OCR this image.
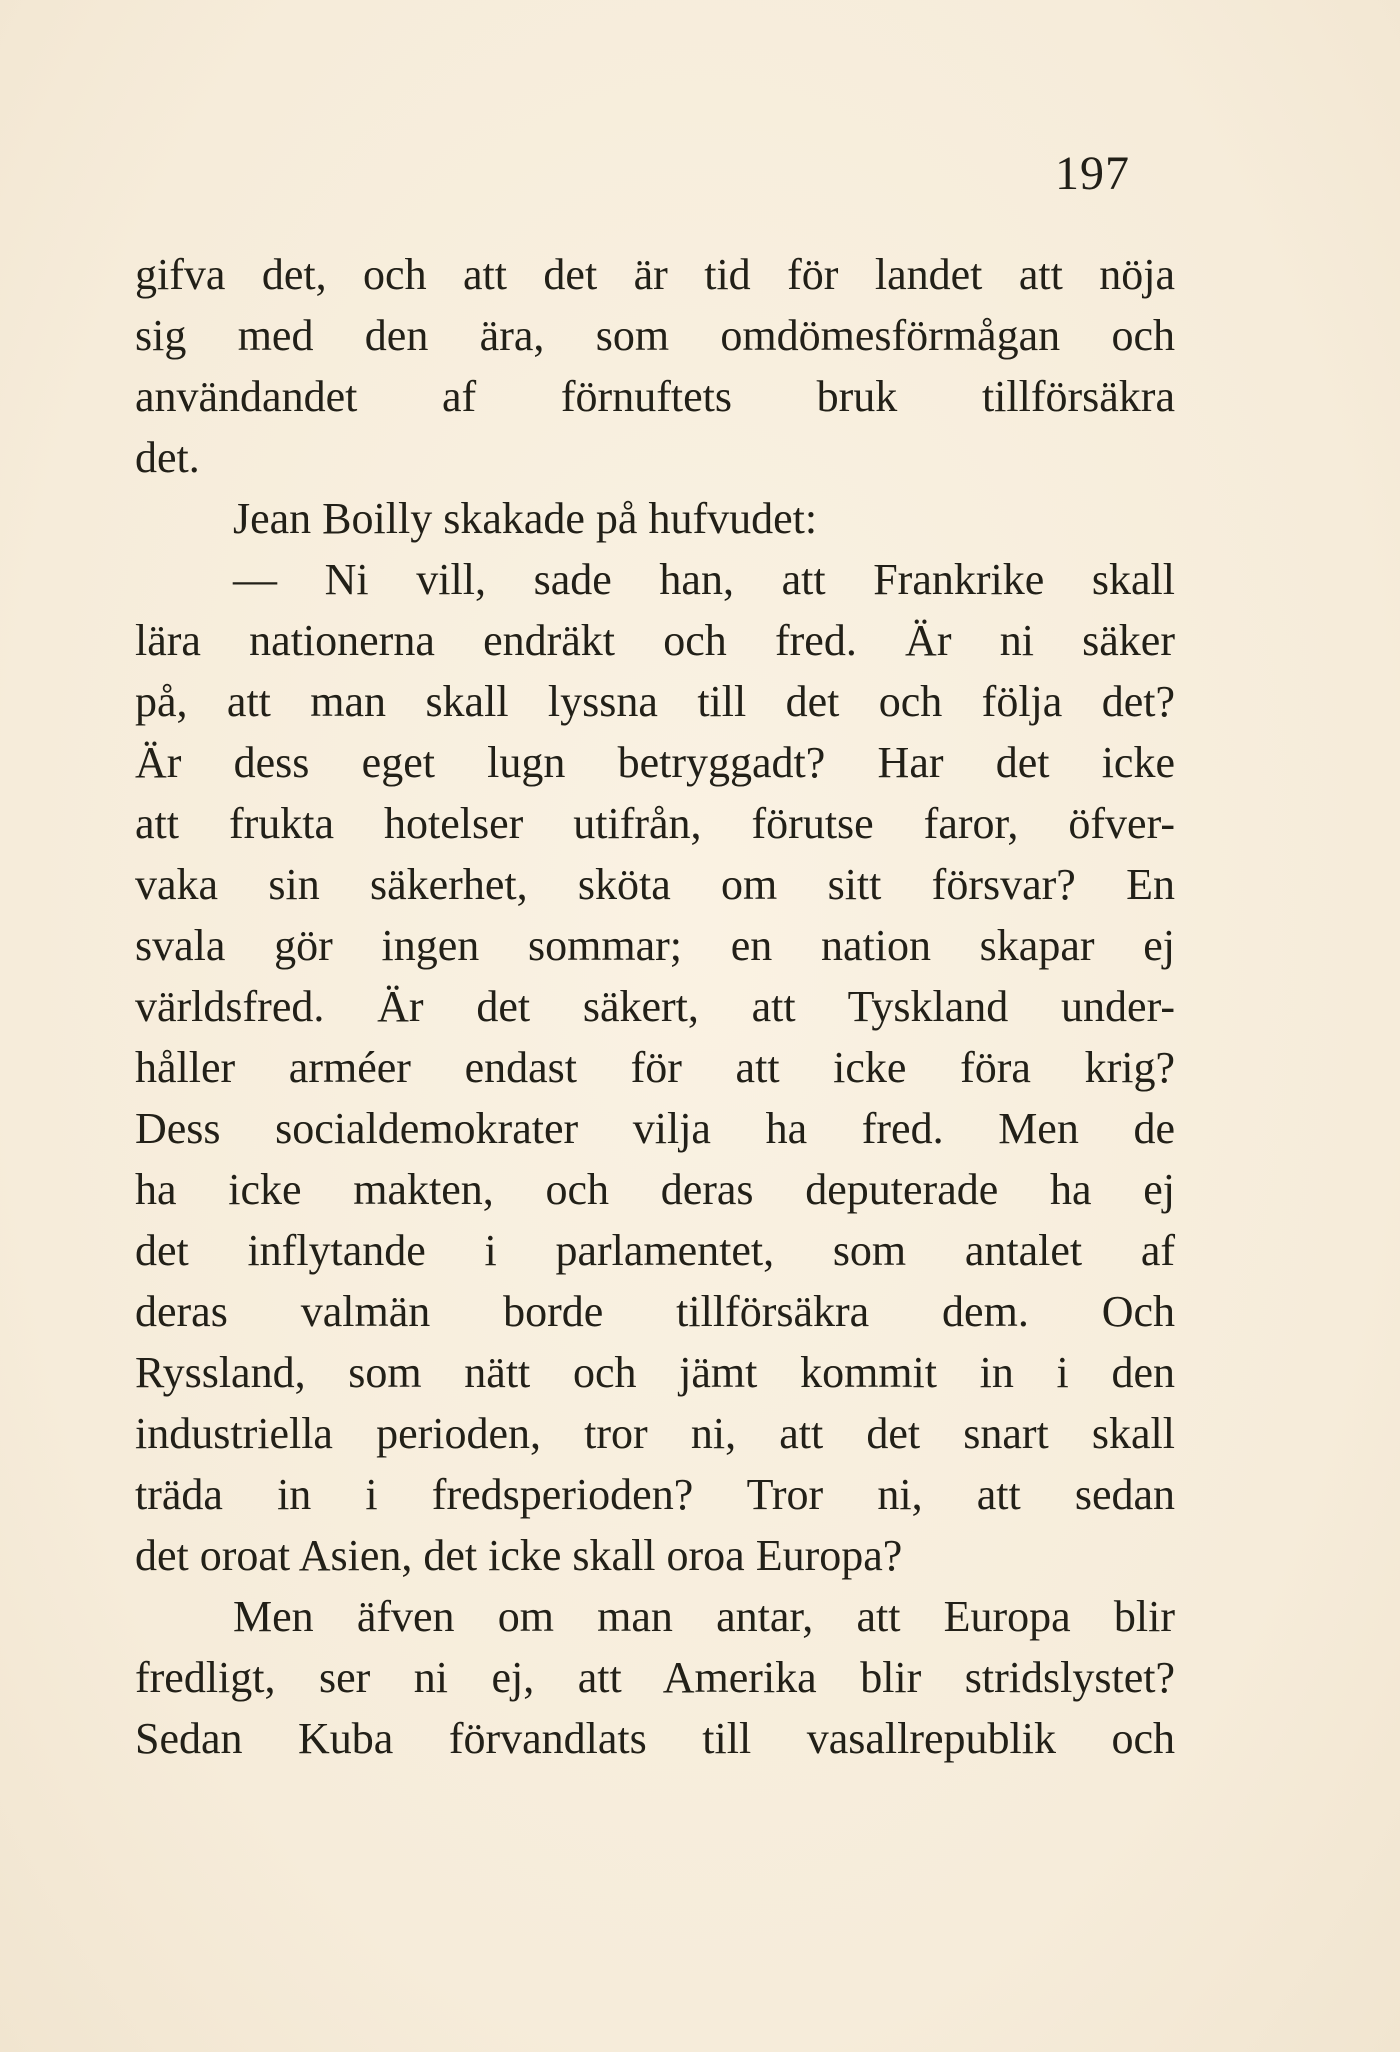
197
gifva det, och att det är tid för landet att nöja
sig med den ära, som omdömesförmågan och
användandet af förnuftets bruk tillförsäkra
det.
Jean Boilly skakade på hufvudet:
— Ni vill, sade han, att Frankrike skall
lära nationerna endräkt och fred. Är ni säker
på, att man skall lyssna till det och följa det?
Är dess eget lugn betryggadt? Har det icke
att frukta hotelser utifrån, förutse faror, öfver-
vaka sin säkerhet, sköta om sitt försvar? En
svala gör ingen sommar; en nation skapar ej
världsfred. Är det säkert, att Tyskland under-
håller arméer endast för att icke föra krig?
Dess socialdemokrater vilja ha fred. Men de
ha icke makten, och deras deputerade ha ej
det inflytande i parlamentet, som antalet af
deras valmän borde tillförsäkra dem. Och
Ryssland, som nätt och jämt kommit in i den
industriella perioden, tror ni, att det snart skall
träda in i fredsperioden? Tror ni, att sedan
det oroat Asien, det icke skall oroa Europa?
Men äfven om man antar, att Europa blir
fredligt, ser ni ej, att Amerika blir stridslystet?
Sedan Kuba förvandlats till vasallrepublik och
